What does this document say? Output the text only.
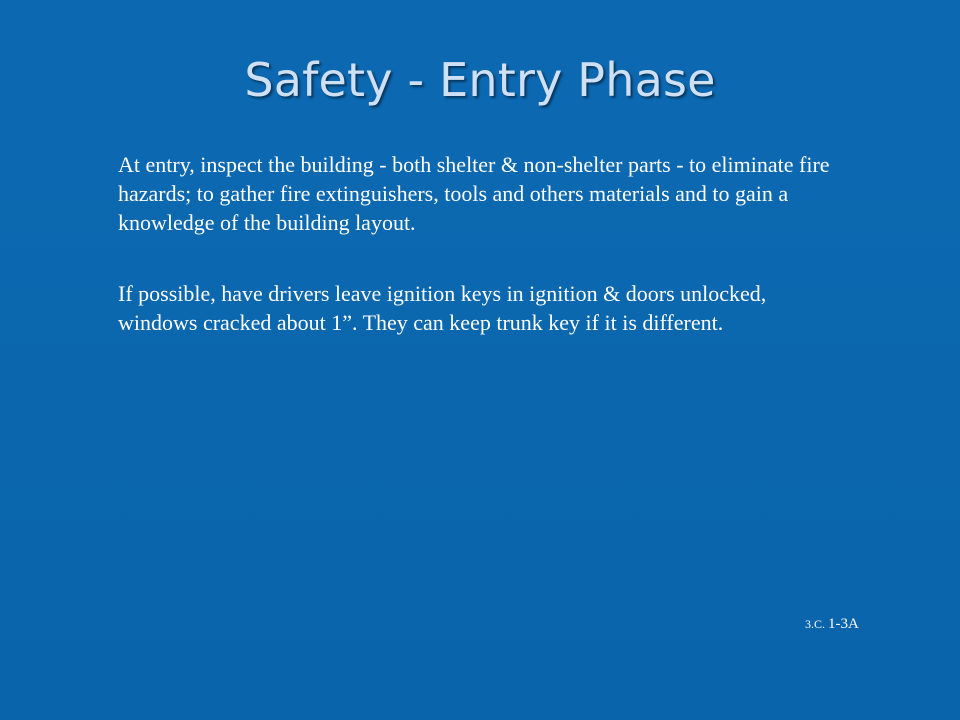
Safety - Entry Phase

At entry, inspect the building - both shelter & non-shelter parts - to eliminate fire hazards; to gather fire extinguishers, tools and others materials and to gain a knowledge of the building layout.

If possible, have drivers leave ignition keys in ignition & doors unlocked, windows cracked about 1”. They can keep trunk key if it is different.

3.C. 1-3A
